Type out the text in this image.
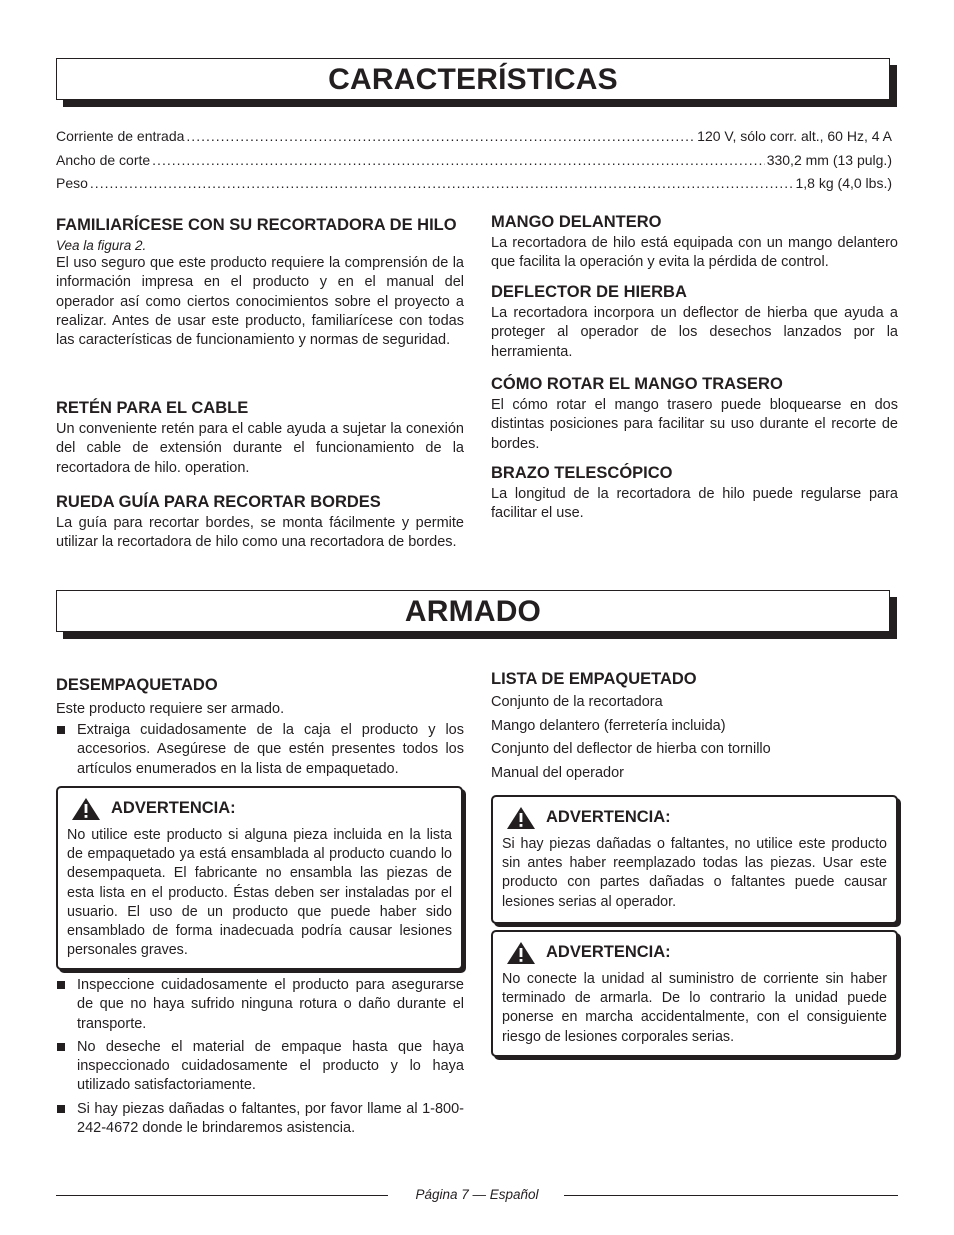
CARACTERÍSTICAS
Corriente de entrada .....	120 V, sólo corr. alt., 60 Hz, 4 A
Ancho de corte .....	330,2 mm (13 pulg.)
Peso .....	1,8 kg (4,0 lbs.)
FAMILIARÍCESE CON SU RECORTADORA DE HILO
Vea la figura 2.

El uso seguro que este producto requiere la comprensión de la información impresa en el producto y en el manual del operador así como ciertos conocimientos sobre el proyecto a realizar. Antes de usar este producto, familiarícese con todas las características de funcionamiento y normas de seguridad.

RETÉN PARA EL CABLE

Un conveniente retén para el cable ayuda a sujetar la conexión del cable de extensión durante el funcionamiento de la recortadora de hilo. operation.

RUEDA GUÍA PARA RECORTAR BORDES

La guía para recortar bordes, se monta fácilmente y permite utilizar la recortadora de hilo como una recortadora de bordes.

MANGO DELANTERO

La recortadora de hilo está equipada con un mango delantero que facilita la operación y evita la pérdida de control.

DEFLECTOR DE HIERBA

La recortadora incorpora un deflector de hierba que ayuda a proteger al operador de los desechos lanzados por la herramienta.

CÓMO ROTAR EL MANGO TRASERO

El cómo rotar el mango trasero puede bloquearse en dos distintas posiciones para facilitar su uso durante el recorte de bordes.

BRAZO TELESCÓPICO

La longitud de la recortadora de hilo puede regularse para facilitar el use.

ARMADO
DESEMPAQUETADO
Este producto requiere ser armado.
Extraiga cuidadosamente de la caja el producto y los accesorios. Asegúrese de que estén presentes todos los artículos enumerados en la lista de empaquetado.
ADVERTENCIA:

No utilice este producto si alguna pieza incluida en la lista de empaquetado ya está ensamblada al producto cuando lo desempaqueta. El fabricante no ensambla las piezas de esta lista en el producto. Éstas deben ser instaladas por el usuario. El uso de un producto que puede haber sido ensamblado de forma inadecuada podría causar lesiones personales graves.

Inspeccione cuidadosamente el producto para asegurarse de que no haya sufrido ninguna rotura o daño durante el transporte.
No deseche el material de empaque hasta que haya inspeccionado cuidadosamente el producto y lo haya utilizado satisfactoriamente.
Si hay piezas dañadas o faltantes, por favor llame al 1-800-242-4672 donde le brindaremos asistencia.
LISTA DE EMPAQUETADO
Conjunto de la recortadora
Mango delantero (ferretería incluida)
Conjunto del deflector de hierba con tornillo
Manual del operador
ADVERTENCIA:

Si hay piezas dañadas o faltantes, no utilice este producto sin antes haber reemplazado todas las piezas. Usar este producto con partes dañadas o faltantes puede causar lesiones serias al operador.

ADVERTENCIA:

No conecte la unidad al suministro de corriente sin haber terminado de armarla. De lo contrario la unidad puede ponerse en marcha accidentalmente, con el consiguiente riesgo de lesiones corporales serias.

Página 7 — Español
